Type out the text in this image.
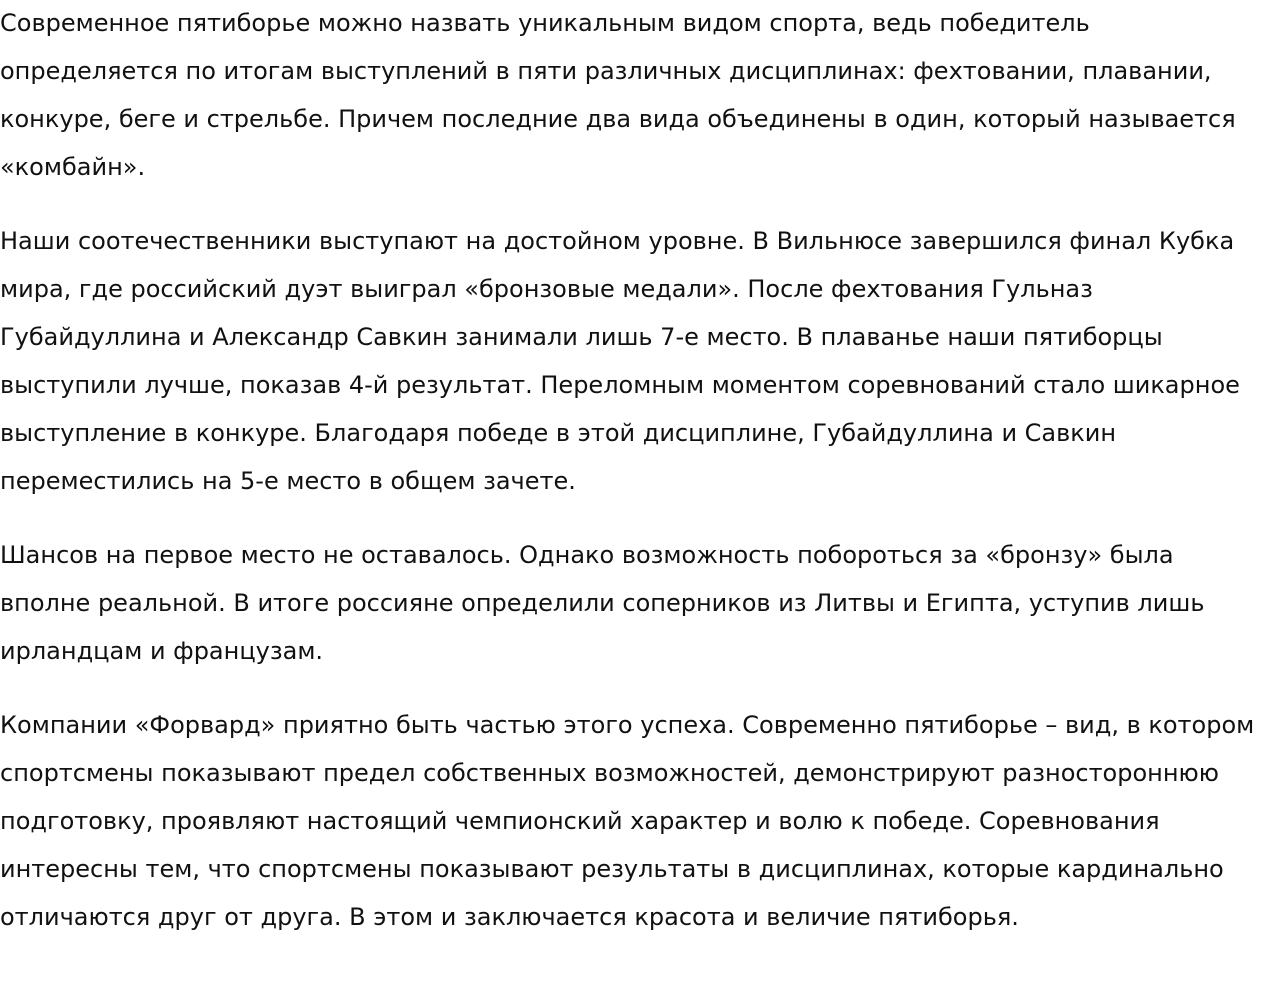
Современное пятиборье можно назвать уникальным видом спорта, ведь победитель определяется по итогам выступлений в пяти различных дисциплинах: фехтовании, плавании, конкуре, беге и стрельбе. Причем последние два вида объединены в один, который называется «комбайн».

Наши соотечественники выступают на достойном уровне. В Вильнюсе завершился финал Кубка мира, где российский дуэт выиграл «бронзовые медали». После фехтования Гульназ Губайдуллина и Александр Савкин занимали лишь 7-е место. В плаванье наши пятиборцы выступили лучше, показав 4-й результат. Переломным моментом соревнований стало шикарное выступление в конкуре. Благодаря победе в этой дисциплине, Губайдуллина и Савкин переместились на 5-е место в общем зачете.

Шансов на первое место не оставалось. Однако возможность побороться за «бронзу» была вполне реальной. В итоге россияне определили соперников из Литвы и Египта, уступив лишь ирландцам и французам.

Компании «Форвард» приятно быть частью этого успеха. Современно пятиборье – вид, в котором спортсмены показывают предел собственных возможностей, демонстрируют разностороннюю подготовку, проявляют настоящий чемпионский характер и волю к победе. Соревнования интересны тем, что спортсмены показывают результаты в дисциплинах, которые кардинально отличаются друг от друга. В этом и заключается красота и величие пятиборья.
